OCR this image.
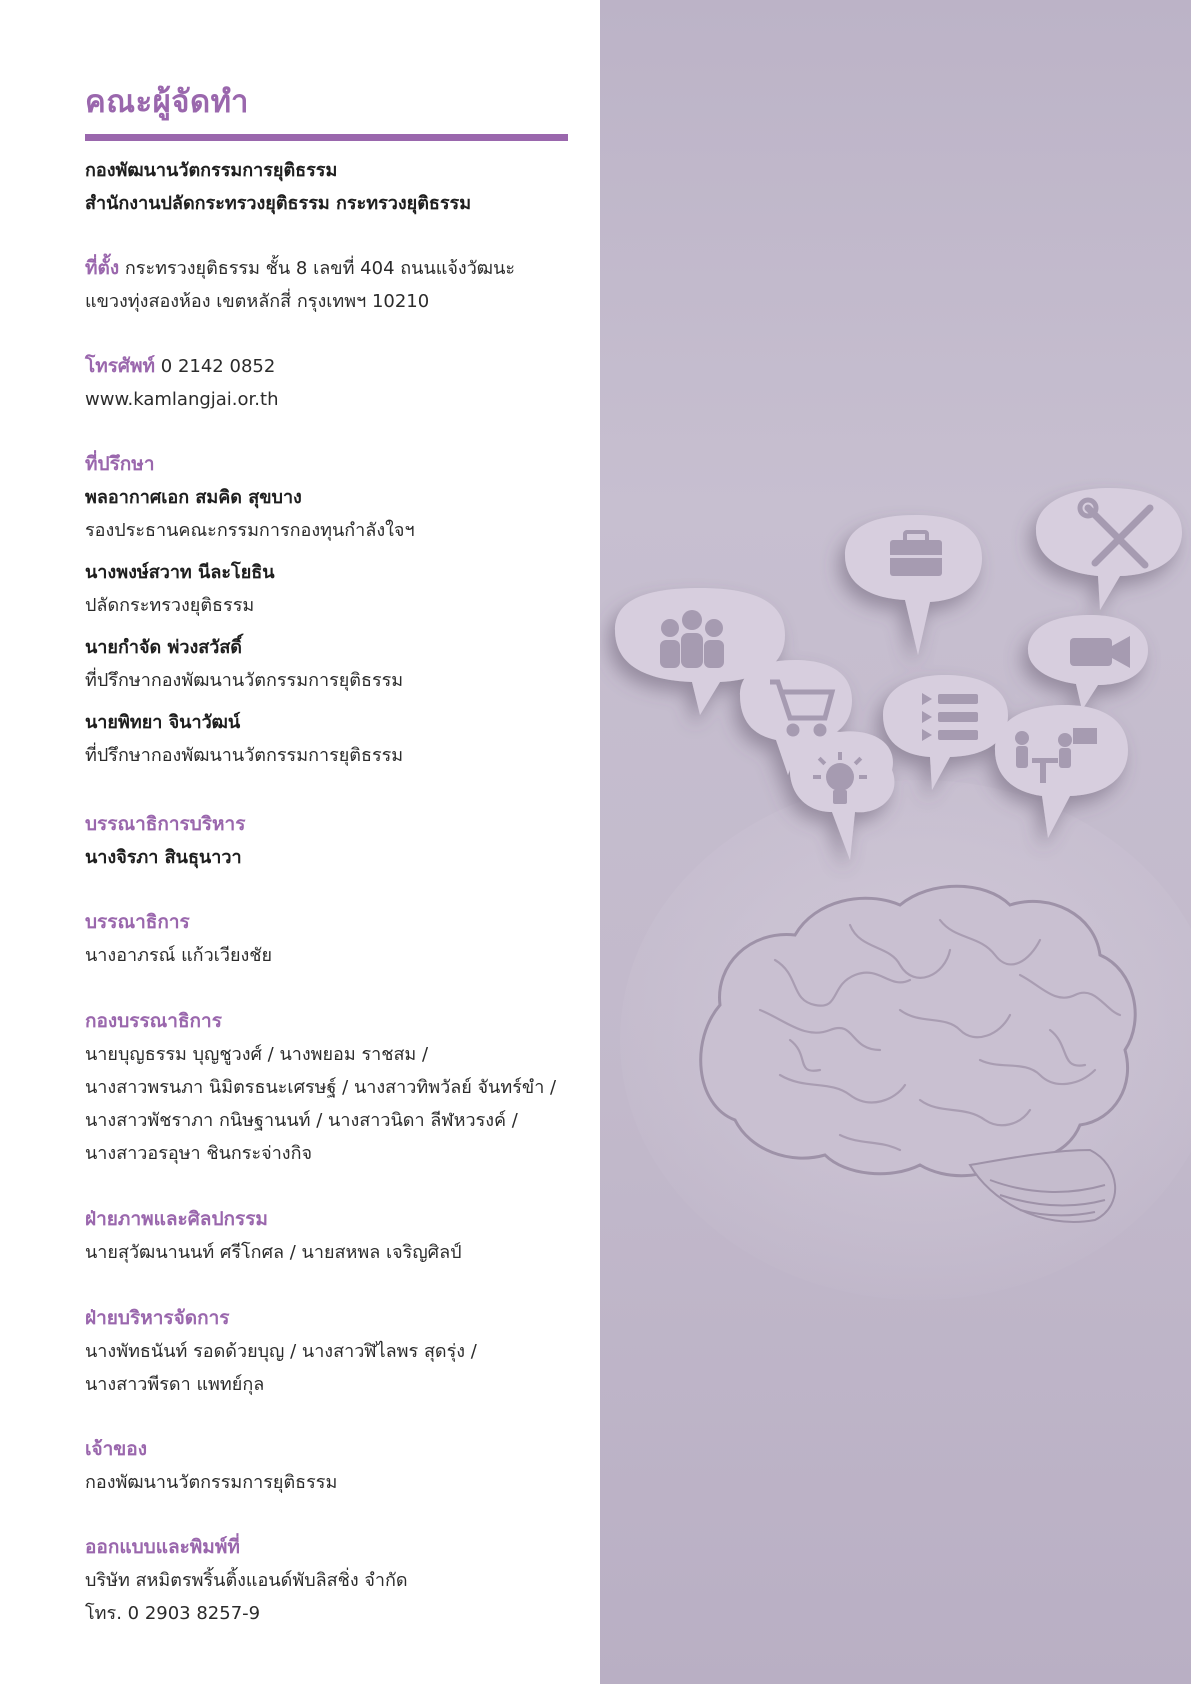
คณะผู้จัดทำ
กองพัฒนานวัตกรรมการยุติธรรม
สำนักงานปลัดกระทรวงยุติธรรม กระทรวงยุติธรรม
ที่ตั้ง กระทรวงยุติธรรม ชั้น 8 เลขที่ 404 ถนนแจ้งวัฒนะ
แขวงทุ่งสองห้อง เขตหลักสี่ กรุงเทพฯ 10210
โทรศัพท์ 0 2142 0852
www.kamlangjai.or.th
ที่ปรึกษา
พลอากาศเอก สมคิด สุขบาง
รองประธานคณะกรรมการกองทุนกำลังใจฯ
นางพงษ์สวาท นีละโยธิน
ปลัดกระทรวงยุติธรรม
นายกำจัด พ่วงสวัสดิ์
ที่ปรึกษากองพัฒนานวัตกรรมการยุติธรรม
นายพิทยา จินาวัฒน์
ที่ปรึกษากองพัฒนานวัตกรรมการยุติธรรม
บรรณาธิการบริหาร
นางจิรภา สินธุนาวา
บรรณาธิการ
นางอาภรณ์ แก้วเวียงชัย
กองบรรณาธิการ
นายบุญธรรม บุญชูวงศ์ / นางพยอม ราชสม /
นางสาวพรนภา นิมิตรธนะเศรษฐ์ / นางสาวทิพวัลย์ จันทร์ขำ /
นางสาวพัชราภา กนิษฐานนท์ / นางสาวนิดา ลีฬหวรงค์ /
นางสาวอรอุษา ชินกระจ่างกิจ
ฝ่ายภาพและศิลปกรรม
นายสุวัฒนานนท์ ศรีโกศล / นายสหพล เจริญศิลป์
ฝ่ายบริหารจัดการ
นางพัทธนันท์ รอดด้วยบุญ / นางสาวฬิไลพร สุดรุ่ง /
นางสาวพีรดา แพทย์กุล
เจ้าของ
กองพัฒนานวัตกรรมการยุติธรรม
ออกแบบและพิมพ์ที่
บริษัท สหมิตรพริ้นติ้งแอนด์พับลิสชิ่ง จำกัด
โทร. 0 2903 8257-9
